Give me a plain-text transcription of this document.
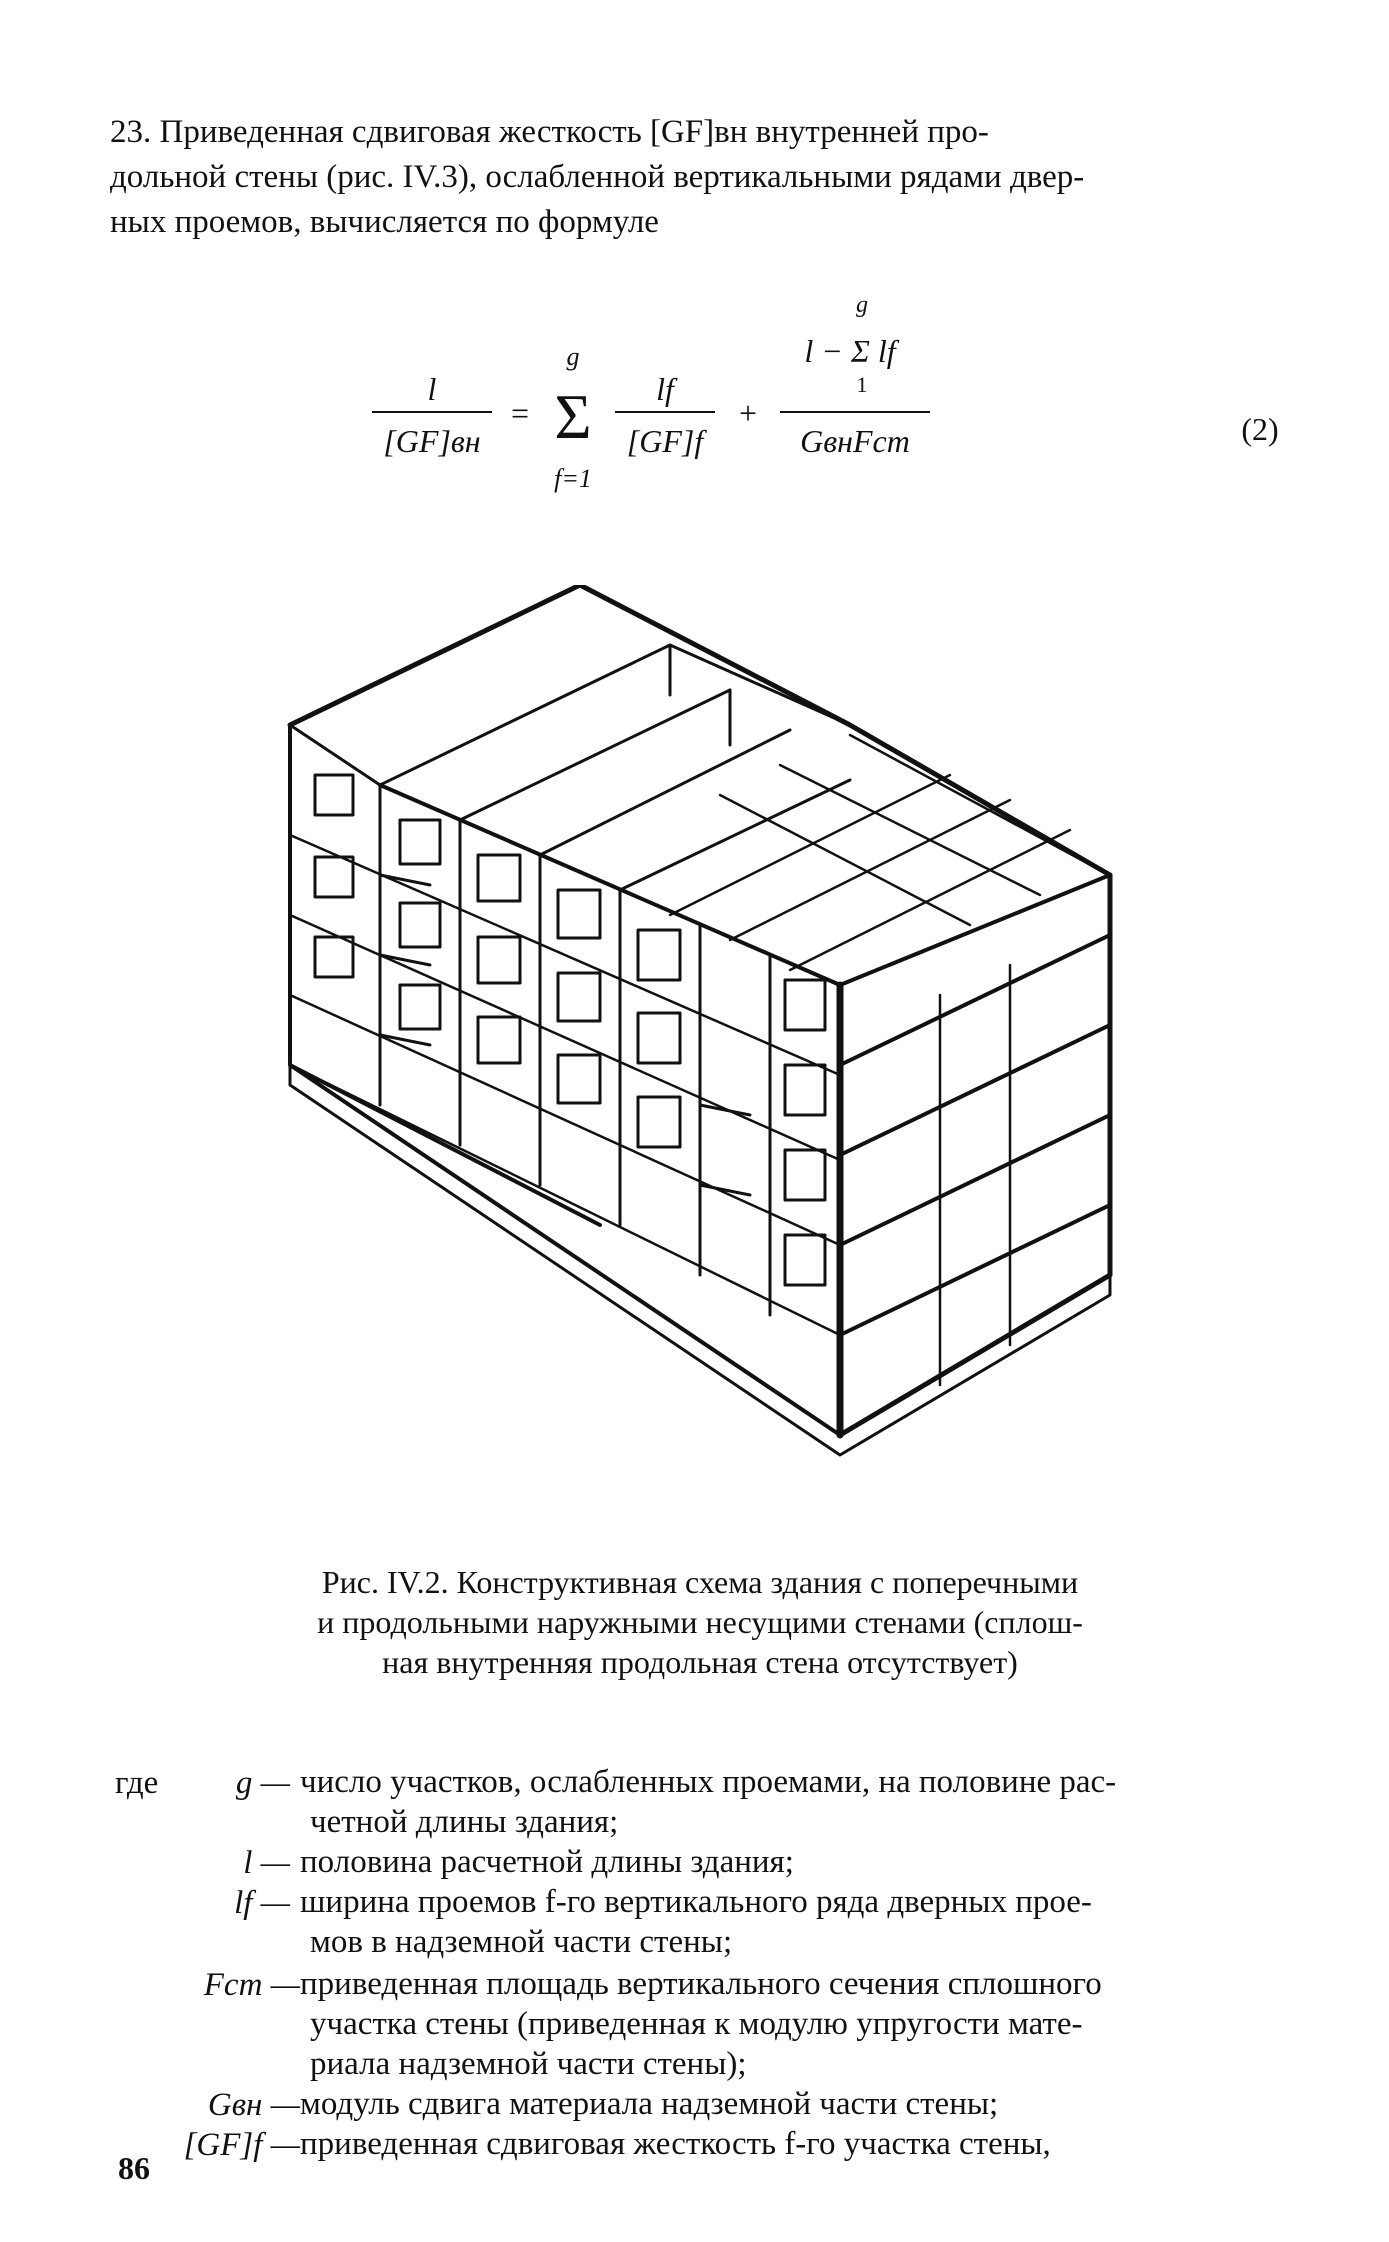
23. Приведенная сдвиговая жесткость [GF]вн внутренней про-
дольной стены (рис. IV.3), ослабленной вертикальными рядами двер-
ных проемов, вычисляется по формуле
l
[GF]вн
=
g
Σ
f=1
lf
[GF]f
+
g
l − Σ lf
1
GвнFст	(2)
Рис. IV.2. Конструктивная схема здания с поперечными
и продольными наружными несущими стенами (сплош-
ная внутренняя продольная стена отсутствует)
где	g — число участков, ослабленных проемами, на половине рас-
четной длины здания;
l — половина расчетной длины здания;
lf — ширина проемов f-го вертикального ряда дверных прое-
мов в надземной части стены;
Fст — приведенная площадь вертикального сечения сплошного
участка стены (приведенная к модулю упругости мате-
риала надземной части стены);
Gвн — модуль сдвига материала надземной части стены;
[GF]f — приведенная сдвиговая жесткость f-го участка стены,
86
